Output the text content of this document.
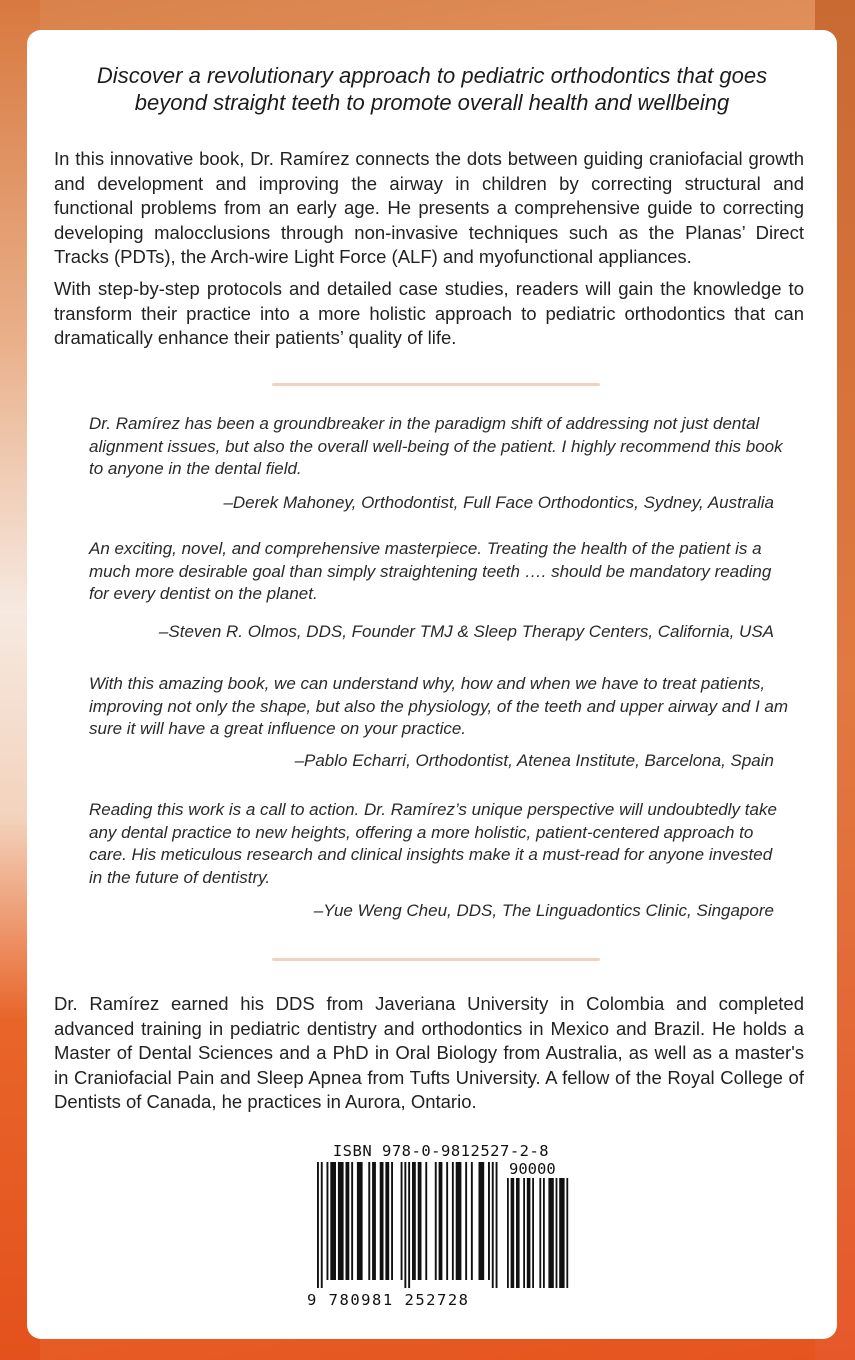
Discover a revolutionary approach to pediatric orthodontics that goes beyond straight teeth to promote overall health and wellbeing

In this innovative book, Dr. Ramírez connects the dots between guiding craniofacial growth and development and improving the airway in children by correcting structural and functional problems from an early age. He presents a comprehensive guide to correcting developing malocclusions through non-invasive techniques such as the Planas’ Direct Tracks (PDTs), the Arch-wire Light Force (ALF) and myofunctional appliances.

With step-by-step protocols and detailed case studies, readers will gain the knowledge to transform their practice into a more holistic approach to pediatric orthodontics that can dramatically enhance their patients’ quality of life.

Dr. Ramírez has been a groundbreaker in the paradigm shift of addressing not just dental alignment issues, but also the overall well-being of the patient. I highly recommend this book to anyone in the dental field.

–Derek Mahoney, Orthodontist, Full Face Orthodontics, Sydney, Australia

An exciting, novel, and comprehensive masterpiece. Treating the health of the patient is a much more desirable goal than simply straightening teeth …. should be mandatory reading for every dentist on the planet.

–Steven R. Olmos, DDS, Founder TMJ & Sleep Therapy Centers, California, USA

With this amazing book, we can understand why, how and when we have to treat patients, improving not only the shape, but also the physiology, of the teeth and upper airway and I am sure it will have a great influence on your practice.

–Pablo Echarri, Orthodontist, Atenea Institute, Barcelona, Spain

Reading this work is a call to action. Dr. Ramírez’s unique perspective will undoubtedly take any dental practice to new heights, offering a more holistic, patient-centered approach to care. His meticulous research and clinical insights make it a must-read for anyone invested in the future of dentistry.

–Yue Weng Cheu, DDS, The Linguadontics Clinic, Singapore

Dr. Ramírez earned his DDS from Javeriana University in Colombia and completed advanced training in pediatric dentistry and orthodontics in Mexico and Brazil. He holds a Master of Dental Sciences and a PhD in Oral Biology from Australia, as well as a master's in Craniofacial Pain and Sleep Apnea from Tufts University. A fellow of the Royal College of Dentists of Canada, he practices in Aurora, Ontario.

ISBN 978-0-9812527-2-8

90000

9 780981 252728
